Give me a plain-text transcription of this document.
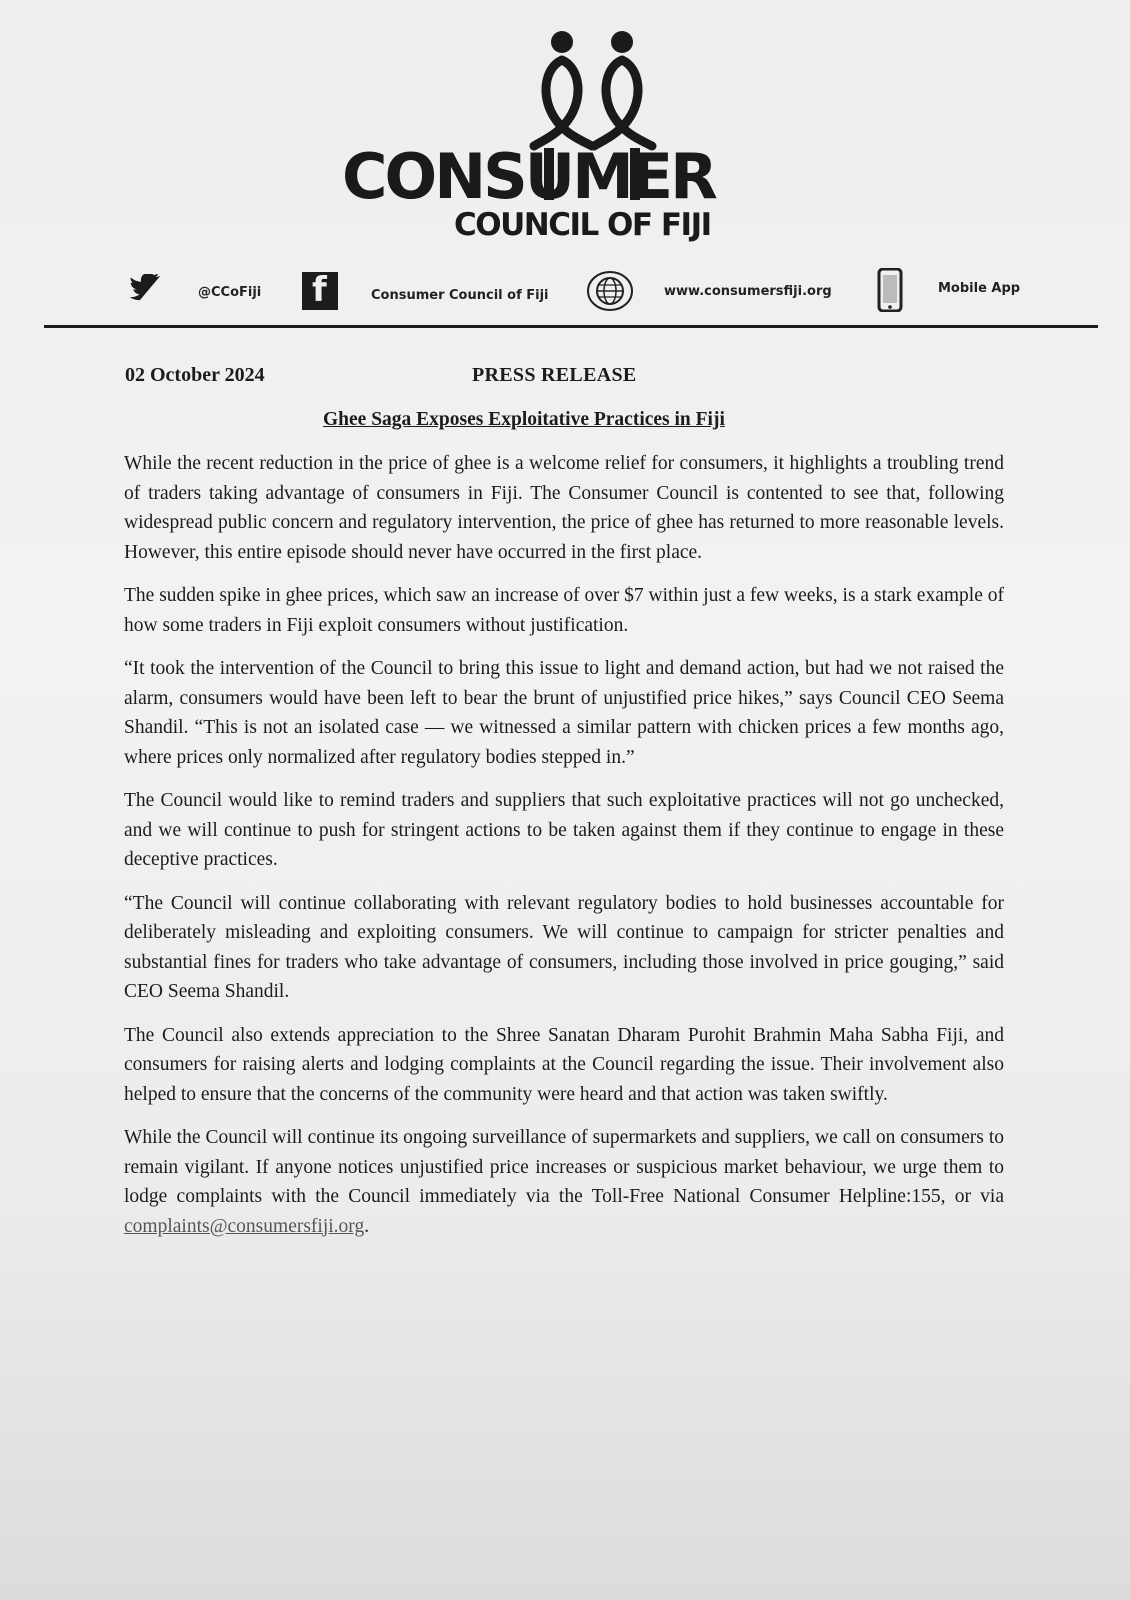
CONSUMER
COUNCIL OF FIJI
@CCoFiji f	Consumer Council of Fiji	www.consumersfiji.org	Mobile App
02 October 2024	PRESS RELEASE
Ghee Saga Exposes Exploitative Practices in Fiji

While the recent reduction in the price of ghee is a welcome relief for consumers, it highlights a troubling trend of traders taking advantage of consumers in Fiji. The Consumer Council is contented to see that, following widespread public concern and regulatory intervention, the price of ghee has returned to more reasonable levels. However, this entire episode should never have occurred in the first place.

The sudden spike in ghee prices, which saw an increase of over $7 within just a few weeks, is a stark example of how some traders in Fiji exploit consumers without justification.

“It took the intervention of the Council to bring this issue to light and demand action, but had we not raised the alarm, consumers would have been left to bear the brunt of unjustified price hikes,” says Council CEO Seema Shandil. “This is not an isolated case — we witnessed a similar pattern with chicken prices a few months ago, where prices only normalized after regulatory bodies stepped in.”

The Council would like to remind traders and suppliers that such exploitative practices will not go unchecked, and we will continue to push for stringent actions to be taken against them if they continue to engage in these deceptive practices.

“The Council will continue collaborating with relevant regulatory bodies to hold businesses accountable for deliberately misleading and exploiting consumers. We will continue to campaign for stricter penalties and substantial fines for traders who take advantage of consumers, including those involved in price gouging,” said CEO Seema Shandil.

The Council also extends appreciation to the Shree Sanatan Dharam Purohit Brahmin Maha Sabha Fiji, and consumers for raising alerts and lodging complaints at the Council regarding the issue. Their involvement also helped to ensure that the concerns of the community were heard and that action was taken swiftly.

While the Council will continue its ongoing surveillance of supermarkets and suppliers, we call on consumers to remain vigilant. If anyone notices unjustified price increases or suspicious market behaviour, we urge them to lodge complaints with the Council immediately via the Toll-Free National Consumer Helpline:155, or via complaints@consumersfiji.org.
